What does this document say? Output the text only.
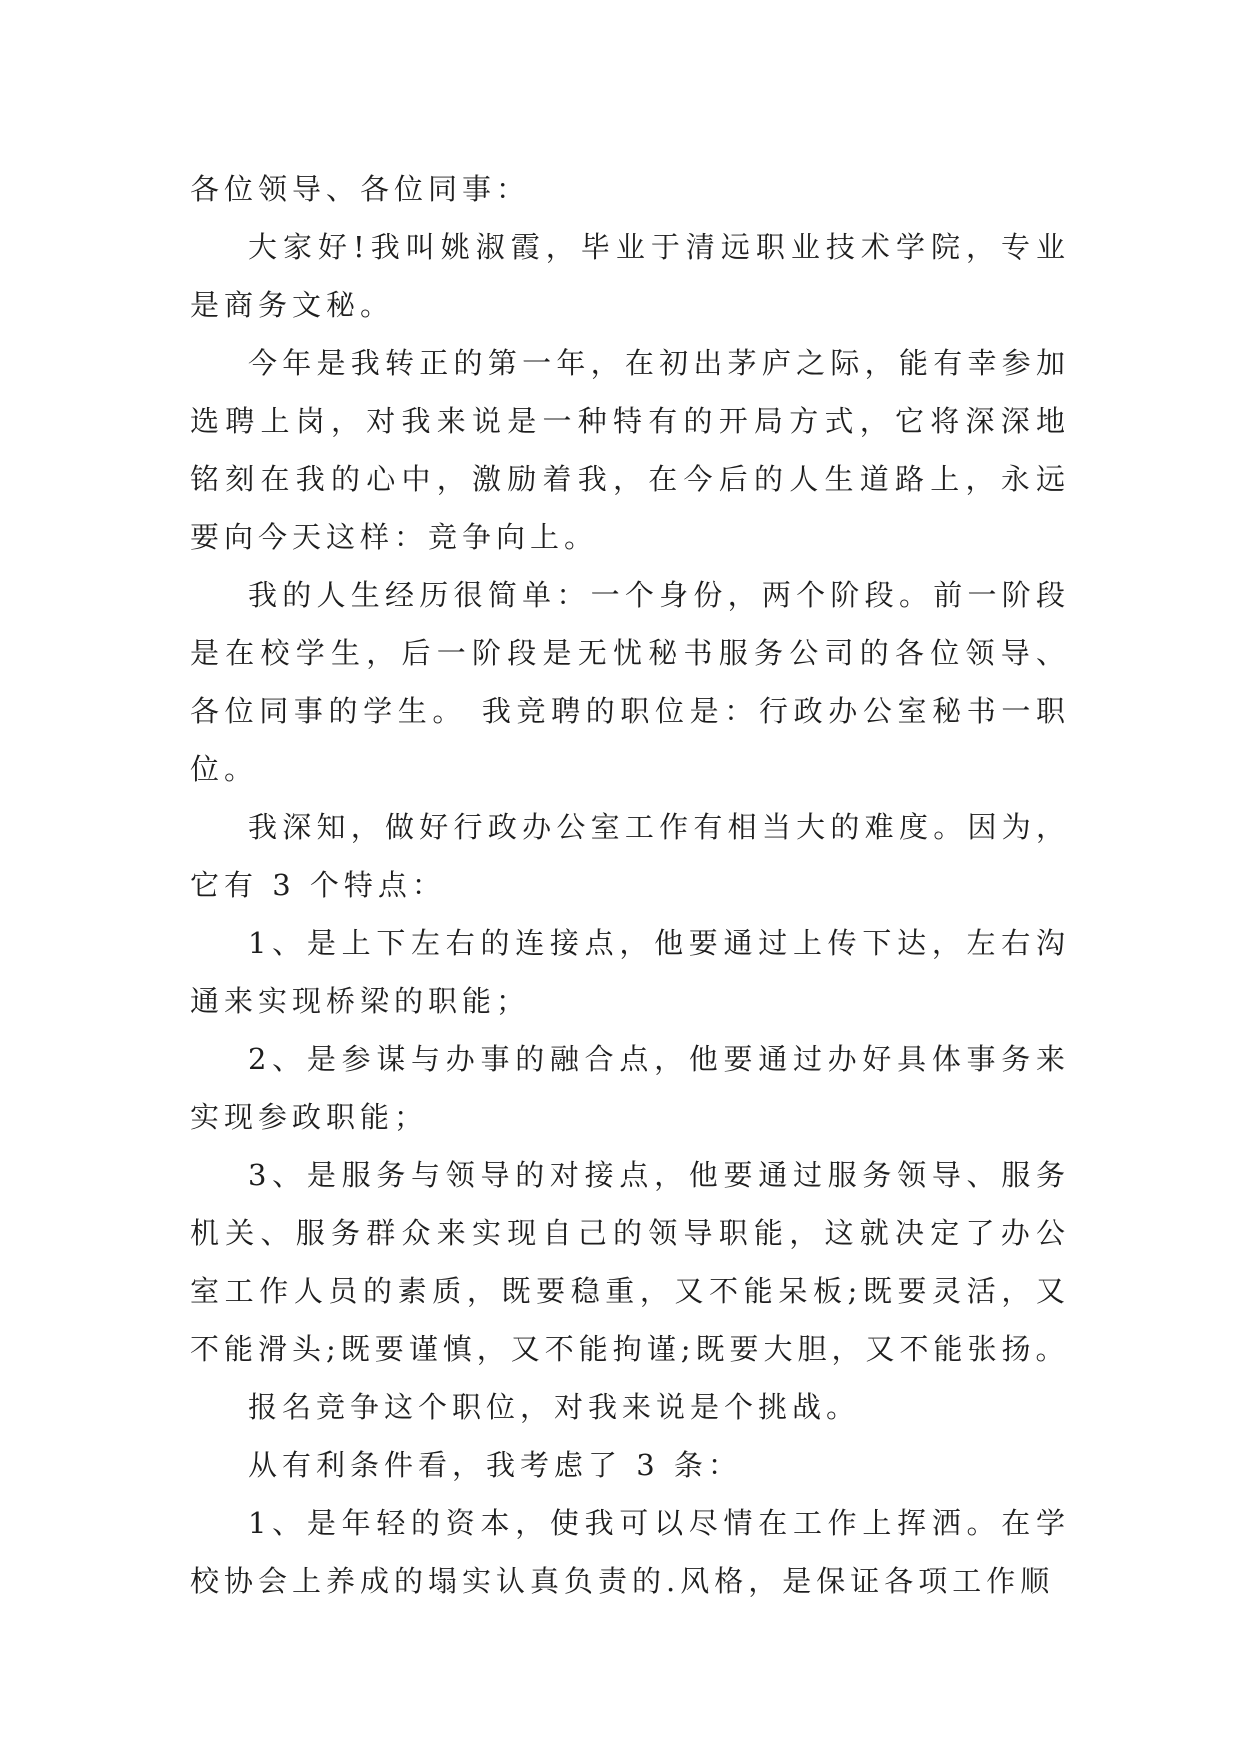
各位领导、各位同事：

大家好!我叫姚淑霞，毕业于清远职业技术学院，专业是商务文秘。

今年是我转正的第一年，在初出茅庐之际，能有幸参加选聘上岗，对我来说是一种特有的开局方式，它将深深地铭刻在我的心中，激励着我，在今后的人生道路上，永远要向今天这样：竞争向上。

我的人生经历很简单：一个身份，两个阶段。前一阶段是在校学生，后一阶段是无忧秘书服务公司的各位领导、各位同事的学生。 我竞聘的职位是：行政办公室秘书一职位。

我深知，做好行政办公室工作有相当大的难度。因为，它有 3 个特点：

1、是上下左右的连接点，他要通过上传下达，左右沟通来实现桥梁的职能；

2、是参谋与办事的融合点，他要通过办好具体事务来实现参政职能；

3、是服务与领导的对接点，他要通过服务领导、服务机关、服务群众来实现自己的领导职能，这就决定了办公室工作人员的素质，既要稳重，又不能呆板;既要灵活，又不能滑头;既要谨慎，又不能拘谨;既要大胆，又不能张扬。

报名竞争这个职位，对我来说是个挑战。

从有利条件看，我考虑了 3 条：

1、是年轻的资本，使我可以尽情在工作上挥洒。在学校协会上养成的塌实认真负责的.风格，是保证各项工作顺
